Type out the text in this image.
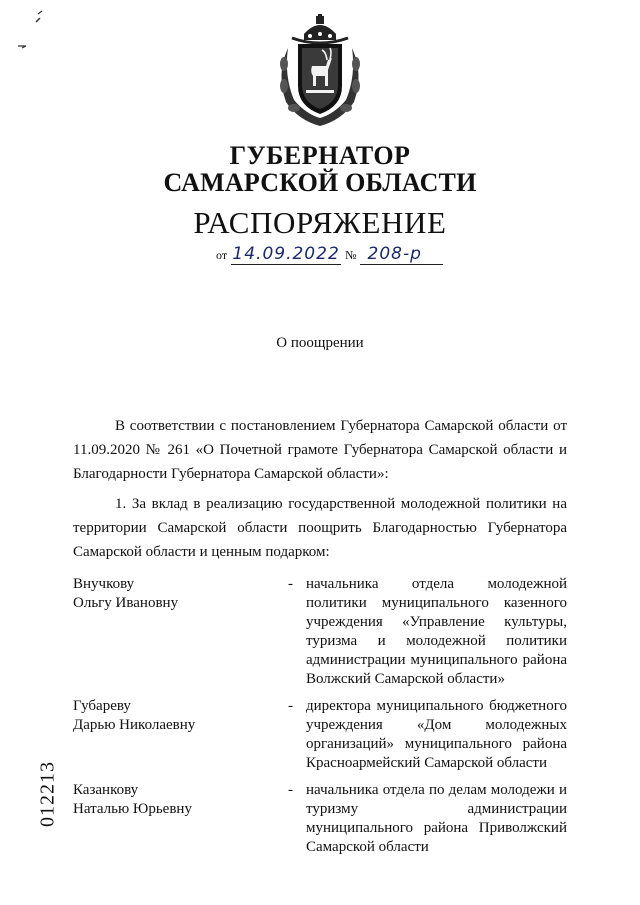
ГУБЕРНАТОР
САМАРСКОЙ ОБЛАСТИ
РАСПОРЯЖЕНИЕ
от 14.09.2022 № 208-р
О поощрении
В соответствии с постановлением Губернатора Самарской области от 11.09.2020 № 261 «О Почетной грамоте Губернатора Самарской области и Благодарности Губернатора Самарской области»:
1. За вклад в реализацию государственной молодежной политики на территории Самарской области поощрить Благодарностью Губернатора Самарской области и ценным подарком:
Внучкову
Ольгу Ивановну
- начальника отдела молодежной политики муниципального казенного учреждения «Управление культуры, туризма и молодежной политики администрации муниципального района Волжский Самарской области»
Губареву
Дарью Николаевну
- директора муниципального бюджетного учреждения «Дом молодежных организаций» муниципального района Красноармейский Самарской области
Казанкову
Наталью Юрьевну
- начальника отдела по делам молодежи и туризму администрации муниципального района Приволжский Самарской области
012213
